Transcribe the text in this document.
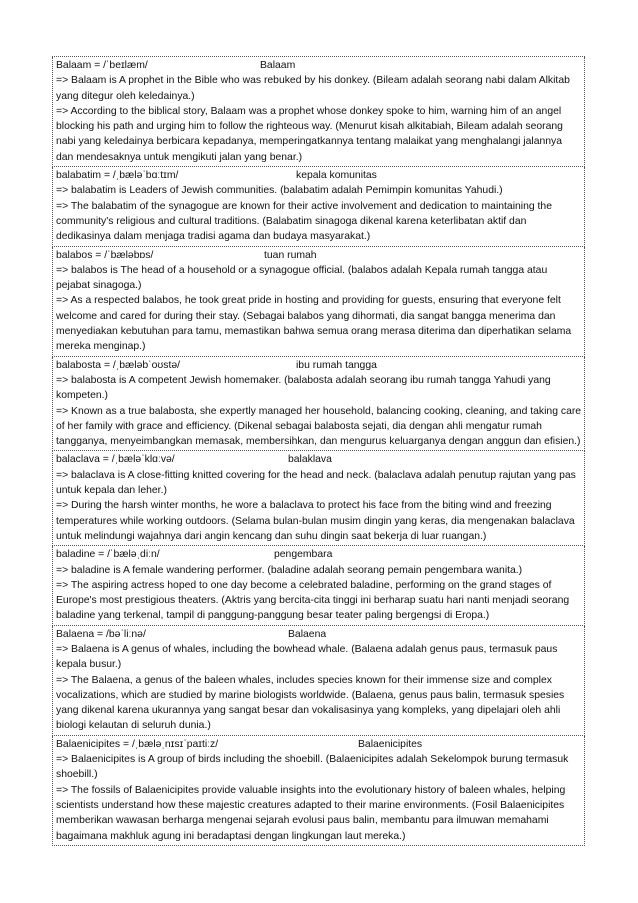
Balaam = /ˈbeɪlæm/	Balaam
=> Balaam is A prophet in the Bible who was rebuked by his donkey. (Bileam adalah seorang nabi dalam Alkitab yang ditegur oleh keledainya.)
=> According to the biblical story, Balaam was a prophet whose donkey spoke to him, warning him of an angel blocking his path and urging him to follow the righteous way. (Menurut kisah alkitabiah, Bileam adalah seorang nabi yang keledainya berbicara kepadanya, memperingatkannya tentang malaikat yang menghalangi jalannya dan mendesaknya untuk mengikuti jalan yang benar.)
balabatim = /ˌbæləˈbɑːtɪm/	kepala komunitas
=> balabatim is Leaders of Jewish communities. (balabatim adalah Pemimpin komunitas Yahudi.)
=> The balabatim of the synagogue are known for their active involvement and dedication to maintaining the community's religious and cultural traditions. (Balabatim sinagoga dikenal karena keterlibatan aktif dan dedikasinya dalam menjaga tradisi agama dan budaya masyarakat.)
balabos = /ˈbæləbɒs/	tuan rumah
=> balabos is The head of a household or a synagogue official. (balabos adalah Kepala rumah tangga atau pejabat sinagoga.)
=> As a respected balabos, he took great pride in hosting and providing for guests, ensuring that everyone felt welcome and cared for during their stay. (Sebagai balabos yang dihormati, dia sangat bangga menerima dan menyediakan kebutuhan para tamu, memastikan bahwa semua orang merasa diterima dan diperhatikan selama mereka menginap.)
balabosta = /ˌbæləbˈoʊstə/	ibu rumah tangga
=> balabosta is A competent Jewish homemaker. (balabosta adalah seorang ibu rumah tangga Yahudi yang kompeten.)
=> Known as a true balabosta, she expertly managed her household, balancing cooking, cleaning, and taking care of her family with grace and efficiency. (Dikenal sebagai balabosta sejati, dia dengan ahli mengatur rumah tangganya, menyeimbangkan memasak, membersihkan, dan mengurus keluarganya dengan anggun dan efisien.)
balaclava = /ˌbæləˈklɑːvə/	balaklava
=> balaclava is A close-fitting knitted covering for the head and neck. (balaclava adalah penutup rajutan yang pas untuk kepala dan leher.)
=> During the harsh winter months, he wore a balaclava to protect his face from the biting wind and freezing temperatures while working outdoors. (Selama bulan-bulan musim dingin yang keras, dia mengenakan balaclava untuk melindungi wajahnya dari angin kencang dan suhu dingin saat bekerja di luar ruangan.)
baladine = /ˈbæləˌdiːn/	pengembara
=> baladine is A female wandering performer. (baladine adalah seorang pemain pengembara wanita.)
=> The aspiring actress hoped to one day become a celebrated baladine, performing on the grand stages of Europe's most prestigious theaters. (Aktris yang bercita-cita tinggi ini berharap suatu hari nanti menjadi seorang baladine yang terkenal, tampil di panggung-panggung besar teater paling bergengsi di Eropa.)
Balaena = /bəˈliːnə/	Balaena
=> Balaena is A genus of whales, including the bowhead whale. (Balaena adalah genus paus, termasuk paus kepala busur.)
=> The Balaena, a genus of the baleen whales, includes species known for their immense size and complex vocalizations, which are studied by marine biologists worldwide. (Balaena, genus paus balin, termasuk spesies yang dikenal karena ukurannya yang sangat besar dan vokalisasinya yang kompleks, yang dipelajari oleh ahli biologi kelautan di seluruh dunia.)
Balaenicipites = /ˌbæləˌnɪsɪˈpaɪtiːz/	Balaenicipites
=> Balaenicipites is A group of birds including the shoebill. (Balaenicipites adalah Sekelompok burung termasuk shoebill.)
=> The fossils of Balaenicipites provide valuable insights into the evolutionary history of baleen whales, helping scientists understand how these majestic creatures adapted to their marine environments. (Fosil Balaenicipites memberikan wawasan berharga mengenai sejarah evolusi paus balin, membantu para ilmuwan memahami bagaimana makhluk agung ini beradaptasi dengan lingkungan laut mereka.)
